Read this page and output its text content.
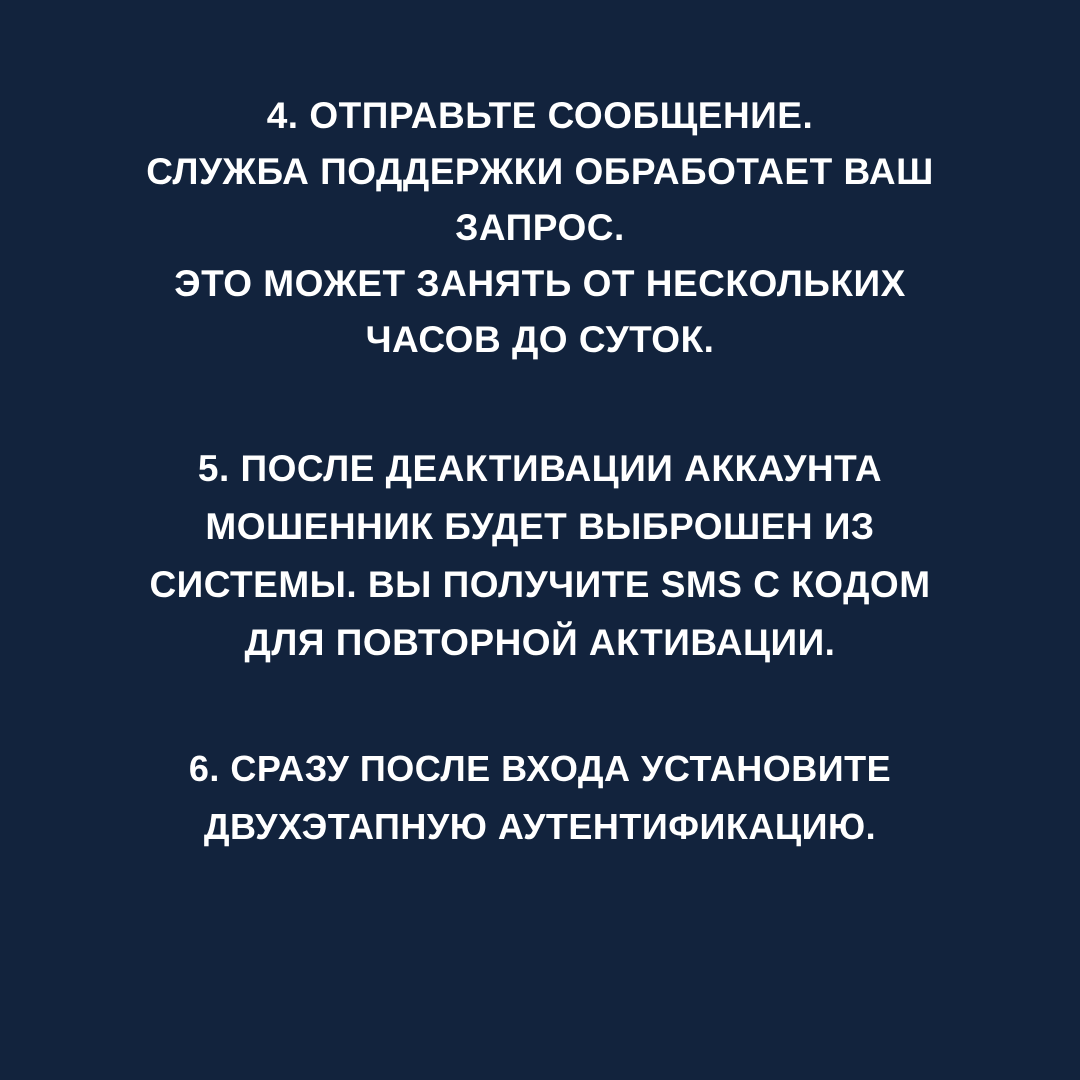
4. ОТПРАВЬТЕ СООБЩЕНИЕ.
СЛУЖБА ПОДДЕРЖКИ ОБРАБОТАЕТ ВАШ
ЗАПРОС.
ЭТО МОЖЕТ ЗАНЯТЬ ОТ НЕСКОЛЬКИХ
ЧАСОВ ДО СУТОК.
5. ПОСЛЕ ДЕАКТИВАЦИИ АККАУНТА
МОШЕННИК БУДЕТ ВЫБРОШЕН ИЗ
СИСТЕМЫ. ВЫ ПОЛУЧИТЕ SMS С КОДОМ
ДЛЯ ПОВТОРНОЙ АКТИВАЦИИ.
6. СРАЗУ ПОСЛЕ ВХОДА УСТАНОВИТЕ
ДВУХЭТАПНУЮ АУТЕНТИФИКАЦИЮ.
